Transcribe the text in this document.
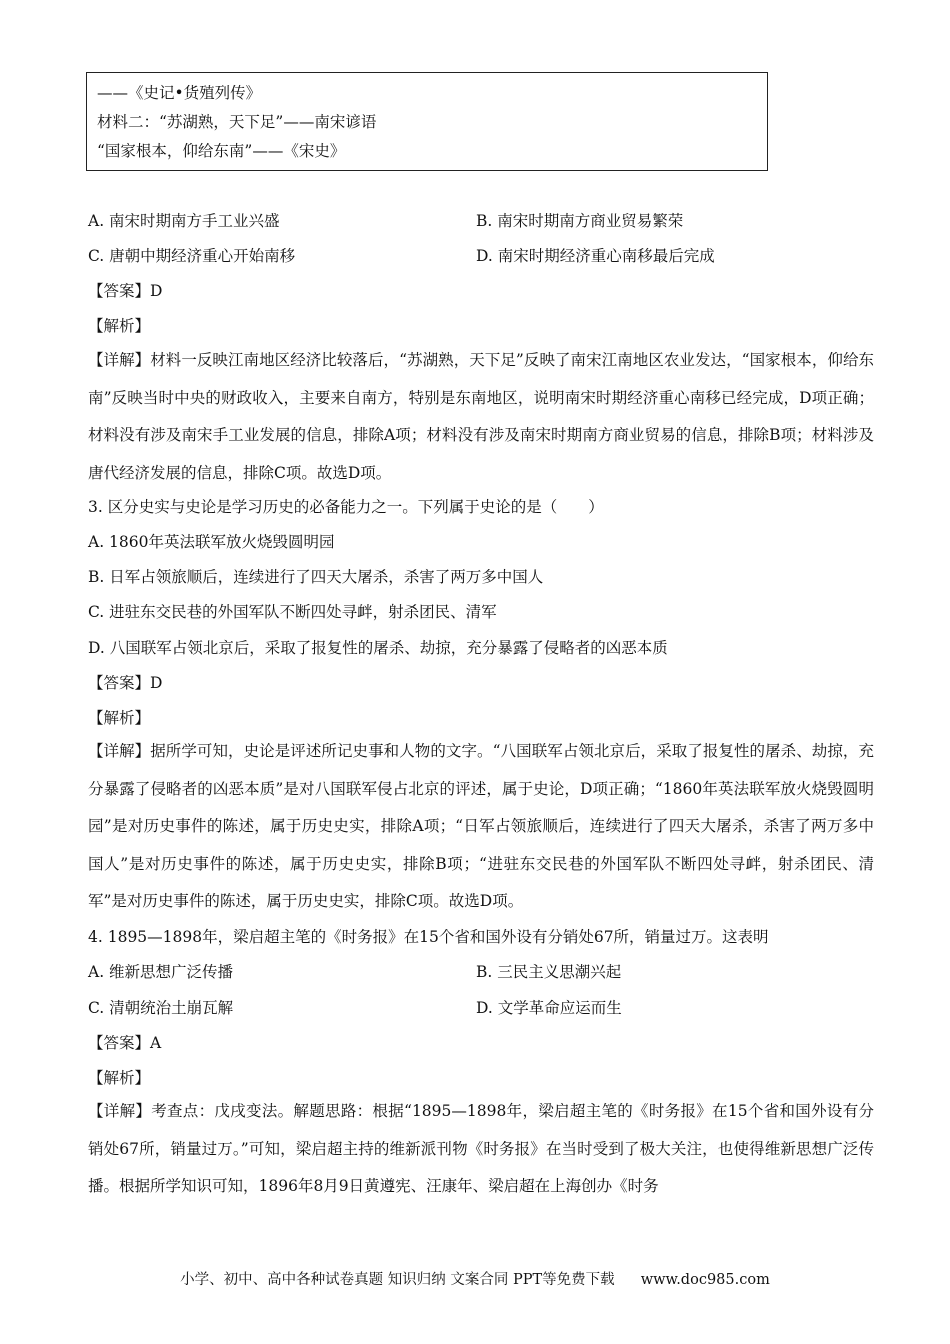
——《史记•货殖列传》
材料二：“苏湖熟，天下足”——南宋谚语
“国家根本，仰给东南”——《宋史》
A. 南宋时期南方手工业兴盛	B. 南宋时期南方商业贸易繁荣
C. 唐朝中期经济重心开始南移	D. 南宋时期经济重心南移最后完成
【答案】D
【解析】
【详解】材料一反映江南地区经济比较落后，“苏湖熟，天下足”反映了南宋江南地区农业发达，“国家根本，仰给东南”反映当时中央的财政收入，主要来自南方，特别是东南地区，说明南宋时期经济重心南移已经完成，D项正确；材料没有涉及南宋手工业发展的信息，排除A项；材料没有涉及南宋时期南方商业贸易的信息，排除B项；材料涉及唐代经济发展的信息，排除C项。故选D项。
3. 区分史实与史论是学习历史的必备能力之一。下列属于史论的是（　　）
A. 1860年英法联军放火烧毁圆明园
B. 日军占领旅顺后，连续进行了四天大屠杀，杀害了两万多中国人
C. 进驻东交民巷的外国军队不断四处寻衅，射杀团民、清军
D. 八国联军占领北京后，采取了报复性的屠杀、劫掠，充分暴露了侵略者的凶恶本质
【答案】D
【解析】
【详解】据所学可知，史论是评述所记史事和人物的文字。“八国联军占领北京后，采取了报复性的屠杀、劫掠，充分暴露了侵略者的凶恶本质”是对八国联军侵占北京的评述，属于史论，D项正确；“1860年英法联军放火烧毁圆明园”是对历史事件的陈述，属于历史史实，排除A项；“日军占领旅顺后，连续进行了四天大屠杀，杀害了两万多中国人”是对历史事件的陈述，属于历史史实，排除B项；“进驻东交民巷的外国军队不断四处寻衅，射杀团民、清军”是对历史事件的陈述，属于历史史实，排除C项。故选D项。
4. 1895—1898年，梁启超主笔的《时务报》在15个省和国外设有分销处67所，销量过万。这表明
A. 维新思想广泛传播	B. 三民主义思潮兴起
C. 清朝统治土崩瓦解	D. 文学革命应运而生
【答案】A
【解析】
【详解】考查点：戊戌变法。解题思路：根据“1895—1898年，梁启超主笔的《时务报》在15个省和国外设有分销处67所，销量过万。”可知，梁启超主持的维新派刊物《时务报》在当时受到了极大关注，也使得维新思想广泛传播。根据所学知识可知，1896年8月9日黄遵宪、汪康年、梁启超在上海创办《时务
小学、初中、高中各种试卷真题 知识归纳 文案合同 PPT等免费下载 www.doc985.com
